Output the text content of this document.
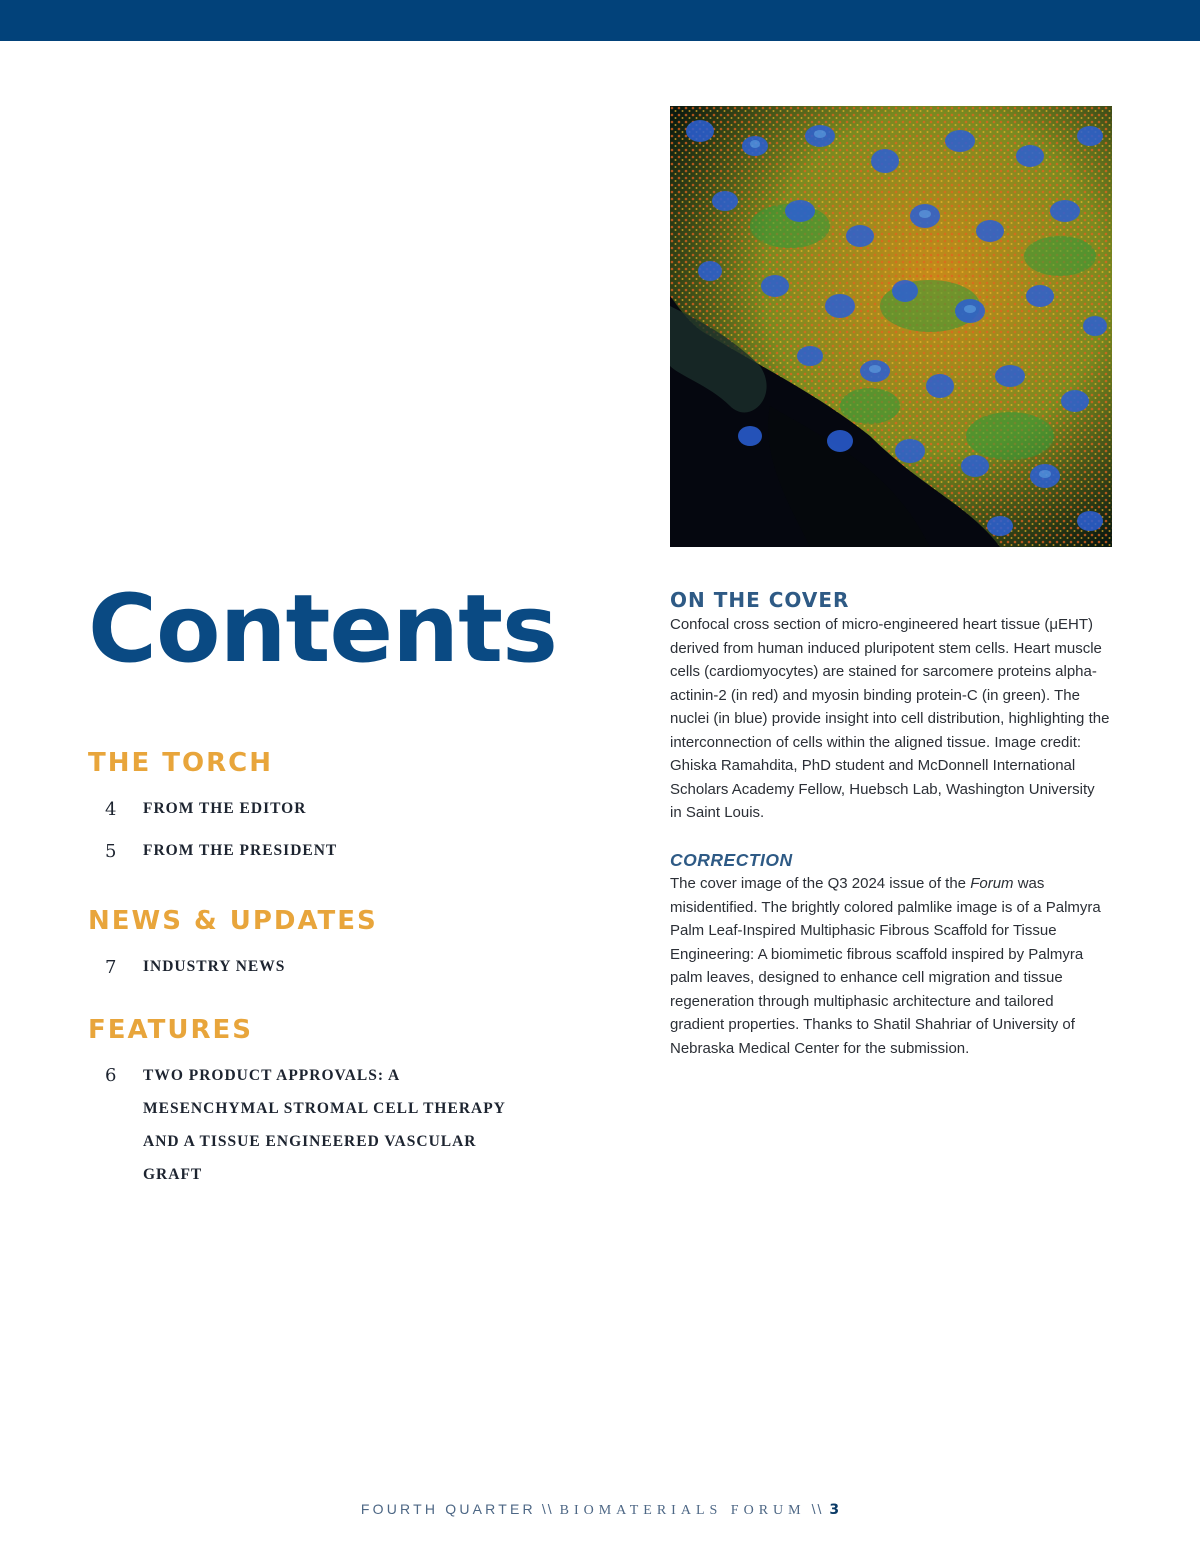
Contents
THE TORCH
4 FROM THE EDITOR
5 FROM THE PRESIDENT
NEWS & UPDATES
7 INDUSTRY NEWS
FEATURES
6 TWO PRODUCT APPROVALS: A MESENCHYMAL STROMAL CELL THERAPY AND A TISSUE ENGINEERED VASCULAR GRAFT
ON THE COVER

Confocal cross section of micro-engineered heart tissue (μEHT) derived from human induced pluripotent stem cells. Heart muscle cells (cardiomyocytes) are stained for sarcomere proteins alpha-actinin-2 (in red) and myosin binding protein-C (in green). The nuclei (in blue) provide insight into cell distribution, highlighting the interconnection of cells within the aligned tissue. Image credit: Ghiska Ramahdita, PhD student and McDonnell International Scholars Academy Fellow, Huebsch Lab, Washington University in Saint Louis.

CORRECTION

The cover image of the Q3 2024 issue of the Forum was misidentified. The brightly colored palmlike image is of a Palmyra Palm Leaf-Inspired Multiphasic Fibrous Scaffold for Tissue Engineering: A biomimetic fibrous scaffold inspired by Palmyra palm leaves, designed to enhance cell migration and tissue regeneration through multiphasic architecture and tailored gradient properties. Thanks to Shatil Shahriar of University of Nebraska Medical Center for the submission.

FOURTH QUARTER \\ BIOMATERIALS FORUM \\ 3
